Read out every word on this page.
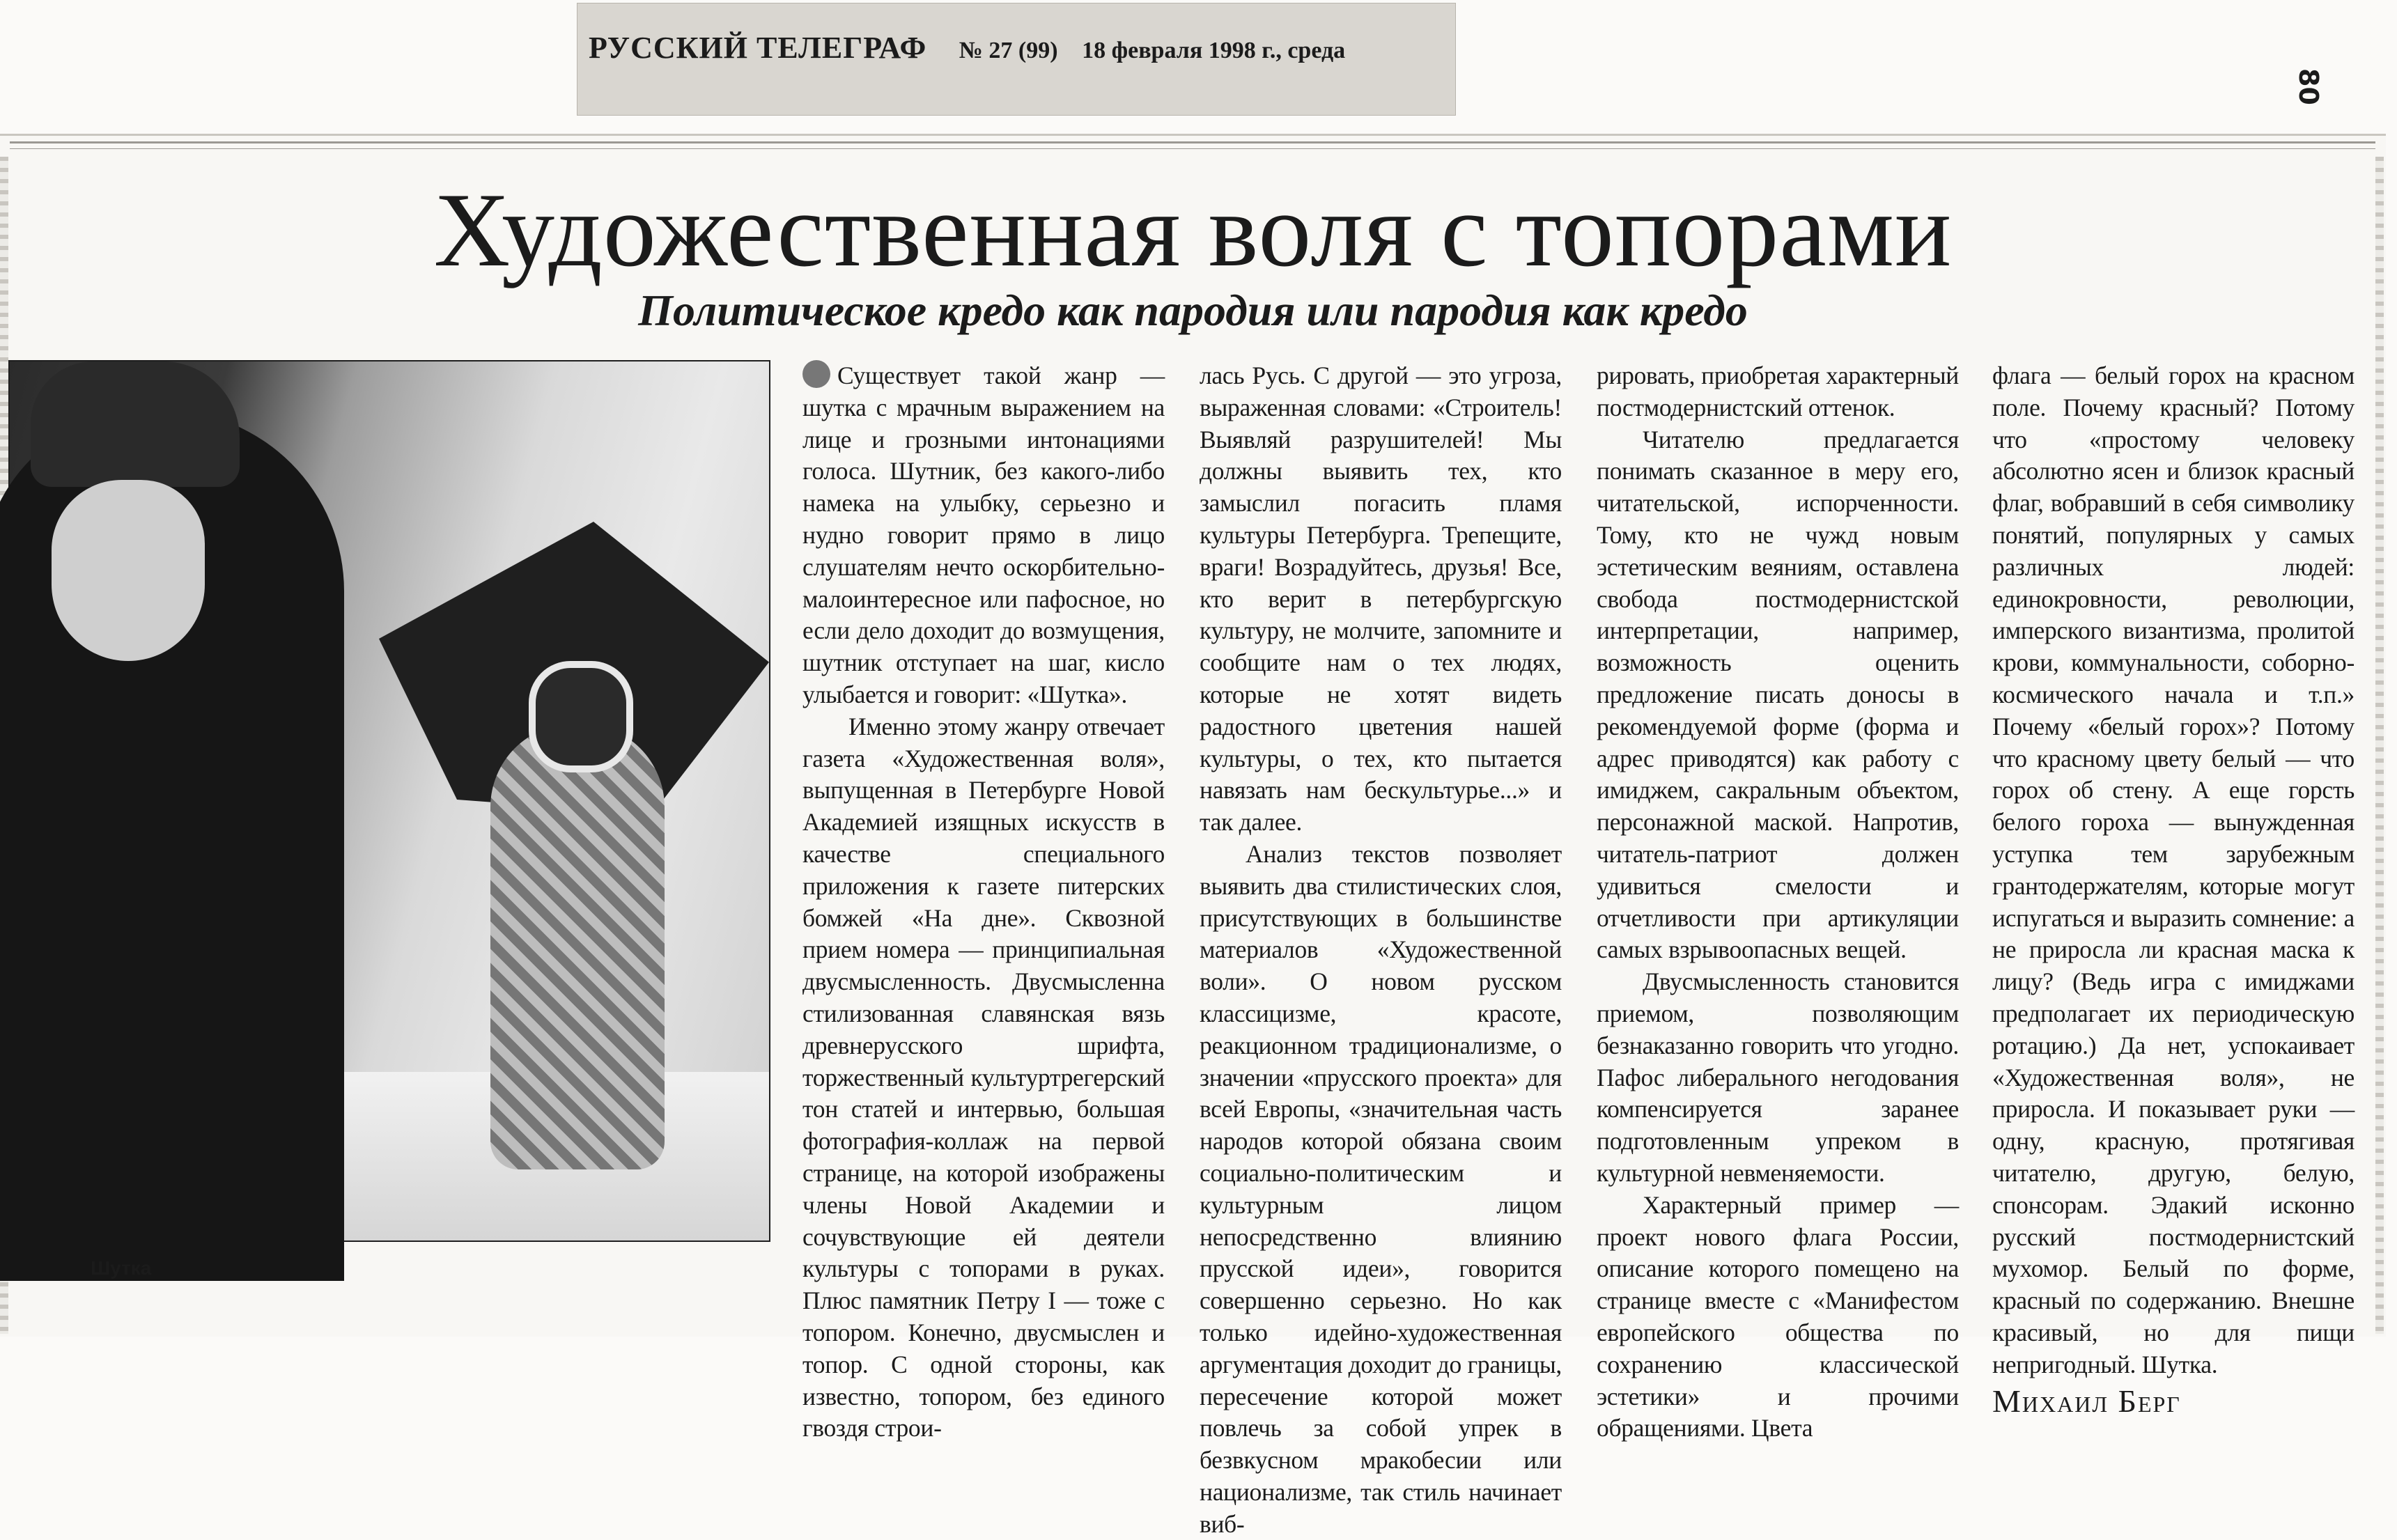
РУССКИЙ ТЕЛЕГРАФ № 27 (99) 18 февраля 1998 г., среда
80
Художественная воля с топорами
Политическое кредо как пародия или пародия как кредо
Шутка

Существует такой жанр — шутка с мрачным выражением на лице и грозными интонациями голоса. Шутник, без какого-либо намека на улыбку, серьезно и нудно говорит прямо в лицо слушателям нечто оскорбительно-малоинтересное или пафосное, но если дело доходит до возмущения, шутник отступает на шаг, кисло улыбается и говорит: «Шутка».

Именно этому жанру отвечает газета «Художественная воля», выпущенная в Петербурге Новой Академией изящных искусств в качестве специального приложения к газете питерских бомжей «На дне». Сквозной прием номера — принципиальная двусмысленность. Двусмысленна стилизованная славянская вязь древнерусского шрифта, торжественный культуртрегерский тон статей и интервью, большая фотография-коллаж на первой странице, на которой изображены члены Новой Академии и сочувствующие ей деятели культуры с топорами в руках. Плюс памятник Петру I — тоже с топором. Конечно, двусмыслен и топор. С одной стороны, как известно, топором, без единого гвоздя строи-

лась Русь. С другой — это угроза, выраженная словами: «Строитель! Выявляй разрушителей! Мы должны выявить тех, кто замыслил погасить пламя культуры Петербурга. Трепещите, враги! Возрадуйтесь, друзья! Все, кто верит в петербургскую культуру, не молчите, запомните и сообщите нам о тех людях, которые не хотят видеть радостного цветения нашей культуры, о тех, кто пытается навязать нам бескультурье...» и так далее.

Анализ текстов позволяет выявить два стилистических слоя, присутствующих в большинстве материалов «Художественной воли». О новом русском классицизме, красоте, реакционном традиционализме, о значении «прусского проекта» для всей Европы, «значительная часть народов которой обязана своим социально-политическим и культурным лицом непосредственно влиянию прусской идеи», говорится совершенно серьезно. Но как только идейно-художественная аргументация доходит до границы, пересечение которой может повлечь за собой упрек в безвкусном мракобесии или национализме, так стиль начинает виб-

рировать, приобретая характерный постмодернистский оттенок.

Читателю предлагается понимать сказанное в меру его, читательской, испорченности. Тому, кто не чужд новым эстетическим веяниям, оставлена свобода постмодернистской интерпретации, например, возможность оценить предложение писать доносы в рекомендуемой форме (форма и адрес приводятся) как работу с имиджем, сакральным объектом, персонажной маской. Напротив, читатель-патриот должен удивиться смелости и отчетливости при артикуляции самых взрывоопасных вещей.

Двусмысленность становится приемом, позволяющим безнаказанно говорить что угодно. Пафос либерального негодования компенсируется заранее подготовленным упреком в культурной невменяемости.

Характерный пример — проект нового флага России, описание которого помещено на странице вместе с «Манифестом европейского общества по сохранению классической эстетики» и прочими обращениями. Цвета

флага — белый горох на красном поле. Почему красный? Потому что «простому человеку абсолютно ясен и близок красный флаг, вобравший в себя символику понятий, популярных у самых различных людей: единокровности, революции, имперского византизма, пролитой крови, коммунальности, соборно-космического начала и т.п.» Почему «белый горох»? Потому что красному цвету белый — что горох об стену. А еще горсть белого гороха — вынужденная уступка тем зарубежным грантодержателям, которые могут испугаться и выразить сомнение: а не приросла ли красная маска к лицу? (Ведь игра с имиджами предполагает их периодическую ротацию.) Да нет, успокаивает «Художественная воля», не приросла. И показывает руки — одну, красную, протягивая читателю, другую, белую, спонсорам. Эдакий исконно русский постмодернистский мухомор. Белый по форме, красный по содержанию. Внешне красивый, но для пищи непригодный. Шутка.

Михаил Берг
